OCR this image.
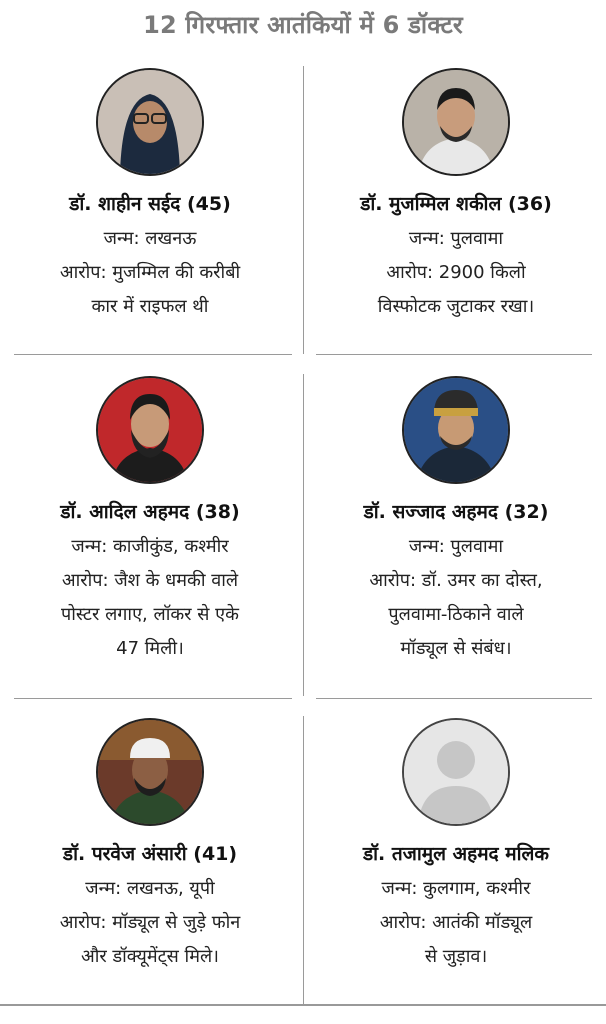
12 गिरफ्तार आतंकियों में 6 डॉक्टर
डॉ. शाहीन सईद (45)
जन्म: लखनऊ
आरोप: मुजम्मिल की करीबी
कार में राइफल थी
डॉ. मुजम्मिल शकील (36)
जन्म: पुलवामा
आरोप: 2900 किलो
विस्फोटक जुटाकर रखा।
डॉ. आदिल अहमद (38)
जन्म: काजीकुंड, कश्मीर
आरोप: जैश के धमकी वाले
पोस्टर लगाए, लॉकर से एके
47 मिली।
डॉ. सज्जाद अहमद (32)
जन्म: पुलवामा
आरोप: डॉ. उमर का दोस्त,
पुलवामा-ठिकाने वाले
मॉड्यूल से संबंध।
डॉ. परवेज अंसारी (41)
जन्म: लखनऊ, यूपी
आरोप: मॉड्यूल से जुड़े फोन
और डॉक्यूमेंट्स मिले।
डॉ. तजामुल अहमद मलिक
जन्म: कुलगाम, कश्मीर
आरोप: आतंकी मॉड्यूल
से जुड़ाव।
